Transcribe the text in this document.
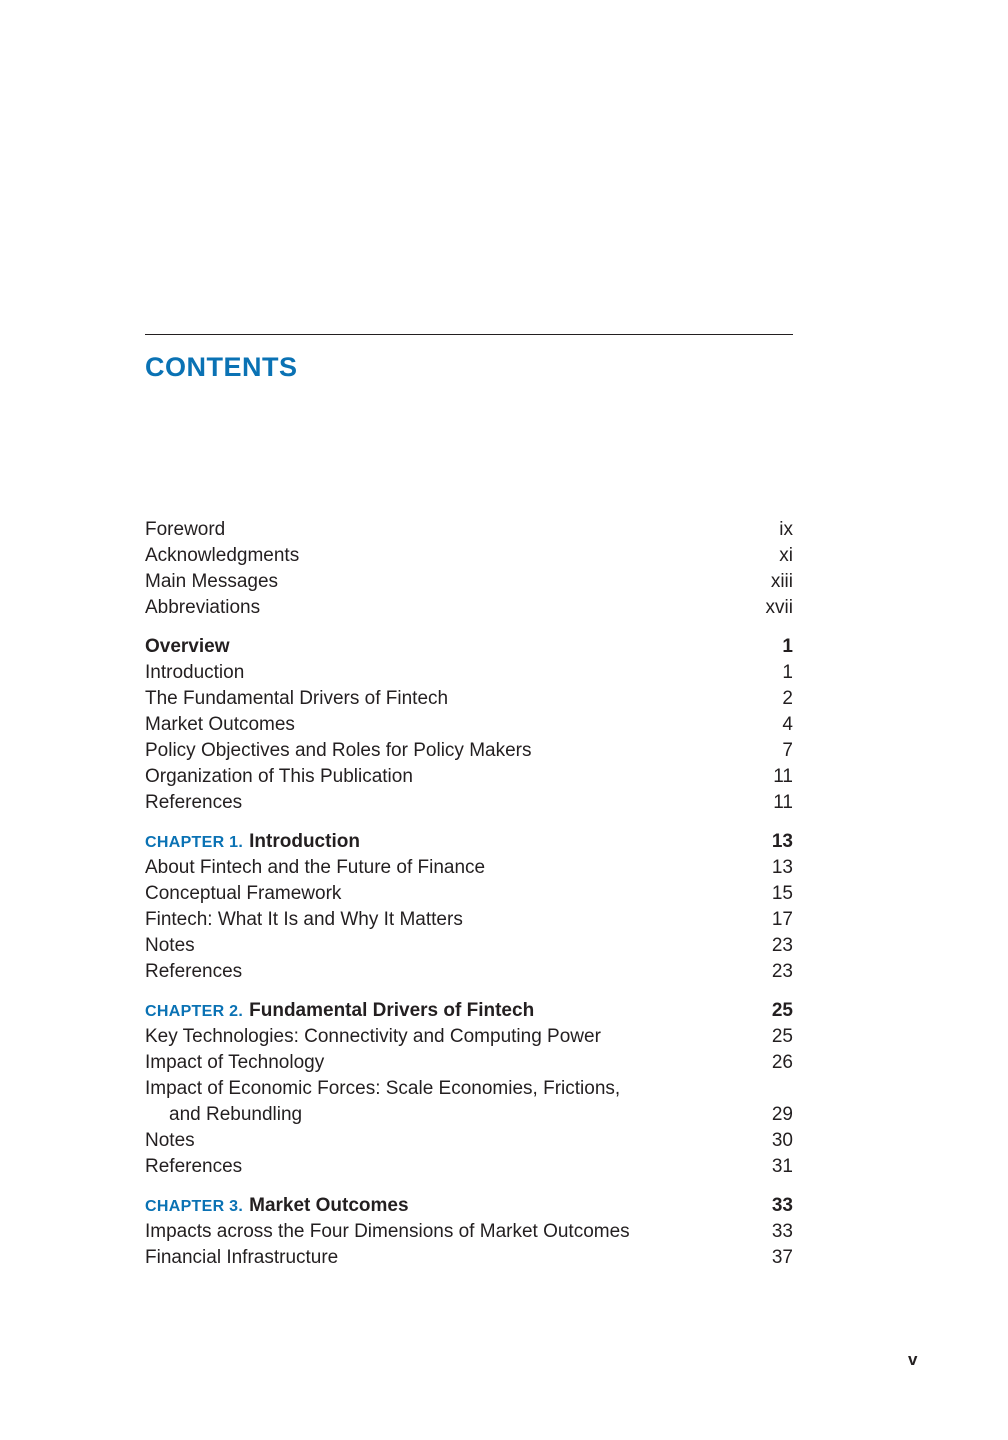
CONTENTS
Foreword	ix
Acknowledgments	xi
Main Messages	xiii
Abbreviations	xvii
Overview	1
Introduction	1
The Fundamental Drivers of Fintech	2
Market Outcomes	4
Policy Objectives and Roles for Policy Makers	7
Organization of This Publication	11
References	11
CHAPTER 1. Introduction	13
About Fintech and the Future of Finance	13
Conceptual Framework	15
Fintech: What It Is and Why It Matters	17
Notes	23
References	23
CHAPTER 2. Fundamental Drivers of Fintech	25
Key Technologies: Connectivity and Computing Power	25
Impact of Technology	26
Impact of Economic Forces: Scale Economies, Frictions,
and Rebundling	29
Notes	30
References	31
CHAPTER 3. Market Outcomes	33
Impacts across the Four Dimensions of Market Outcomes	33
Financial Infrastructure	37
v
